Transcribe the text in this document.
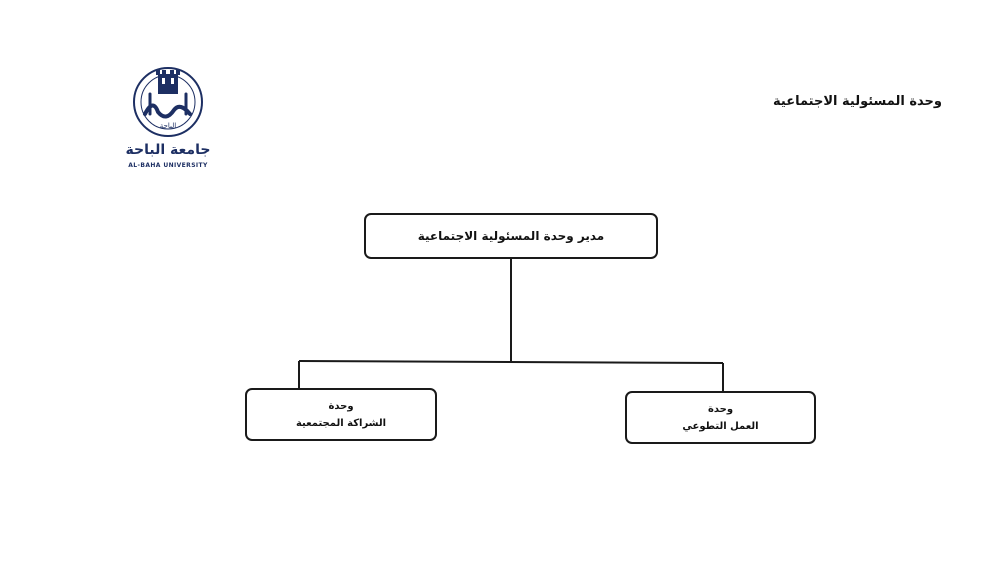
الباحة
جامعة الباحة
AL-BAHA UNIVERSITY
وحدة المسئولية الاجتماعية
مدير وحدة المسئولية الاجتماعية
وحدة
الشراكة المجتمعية
وحدة
العمل التطوعي
